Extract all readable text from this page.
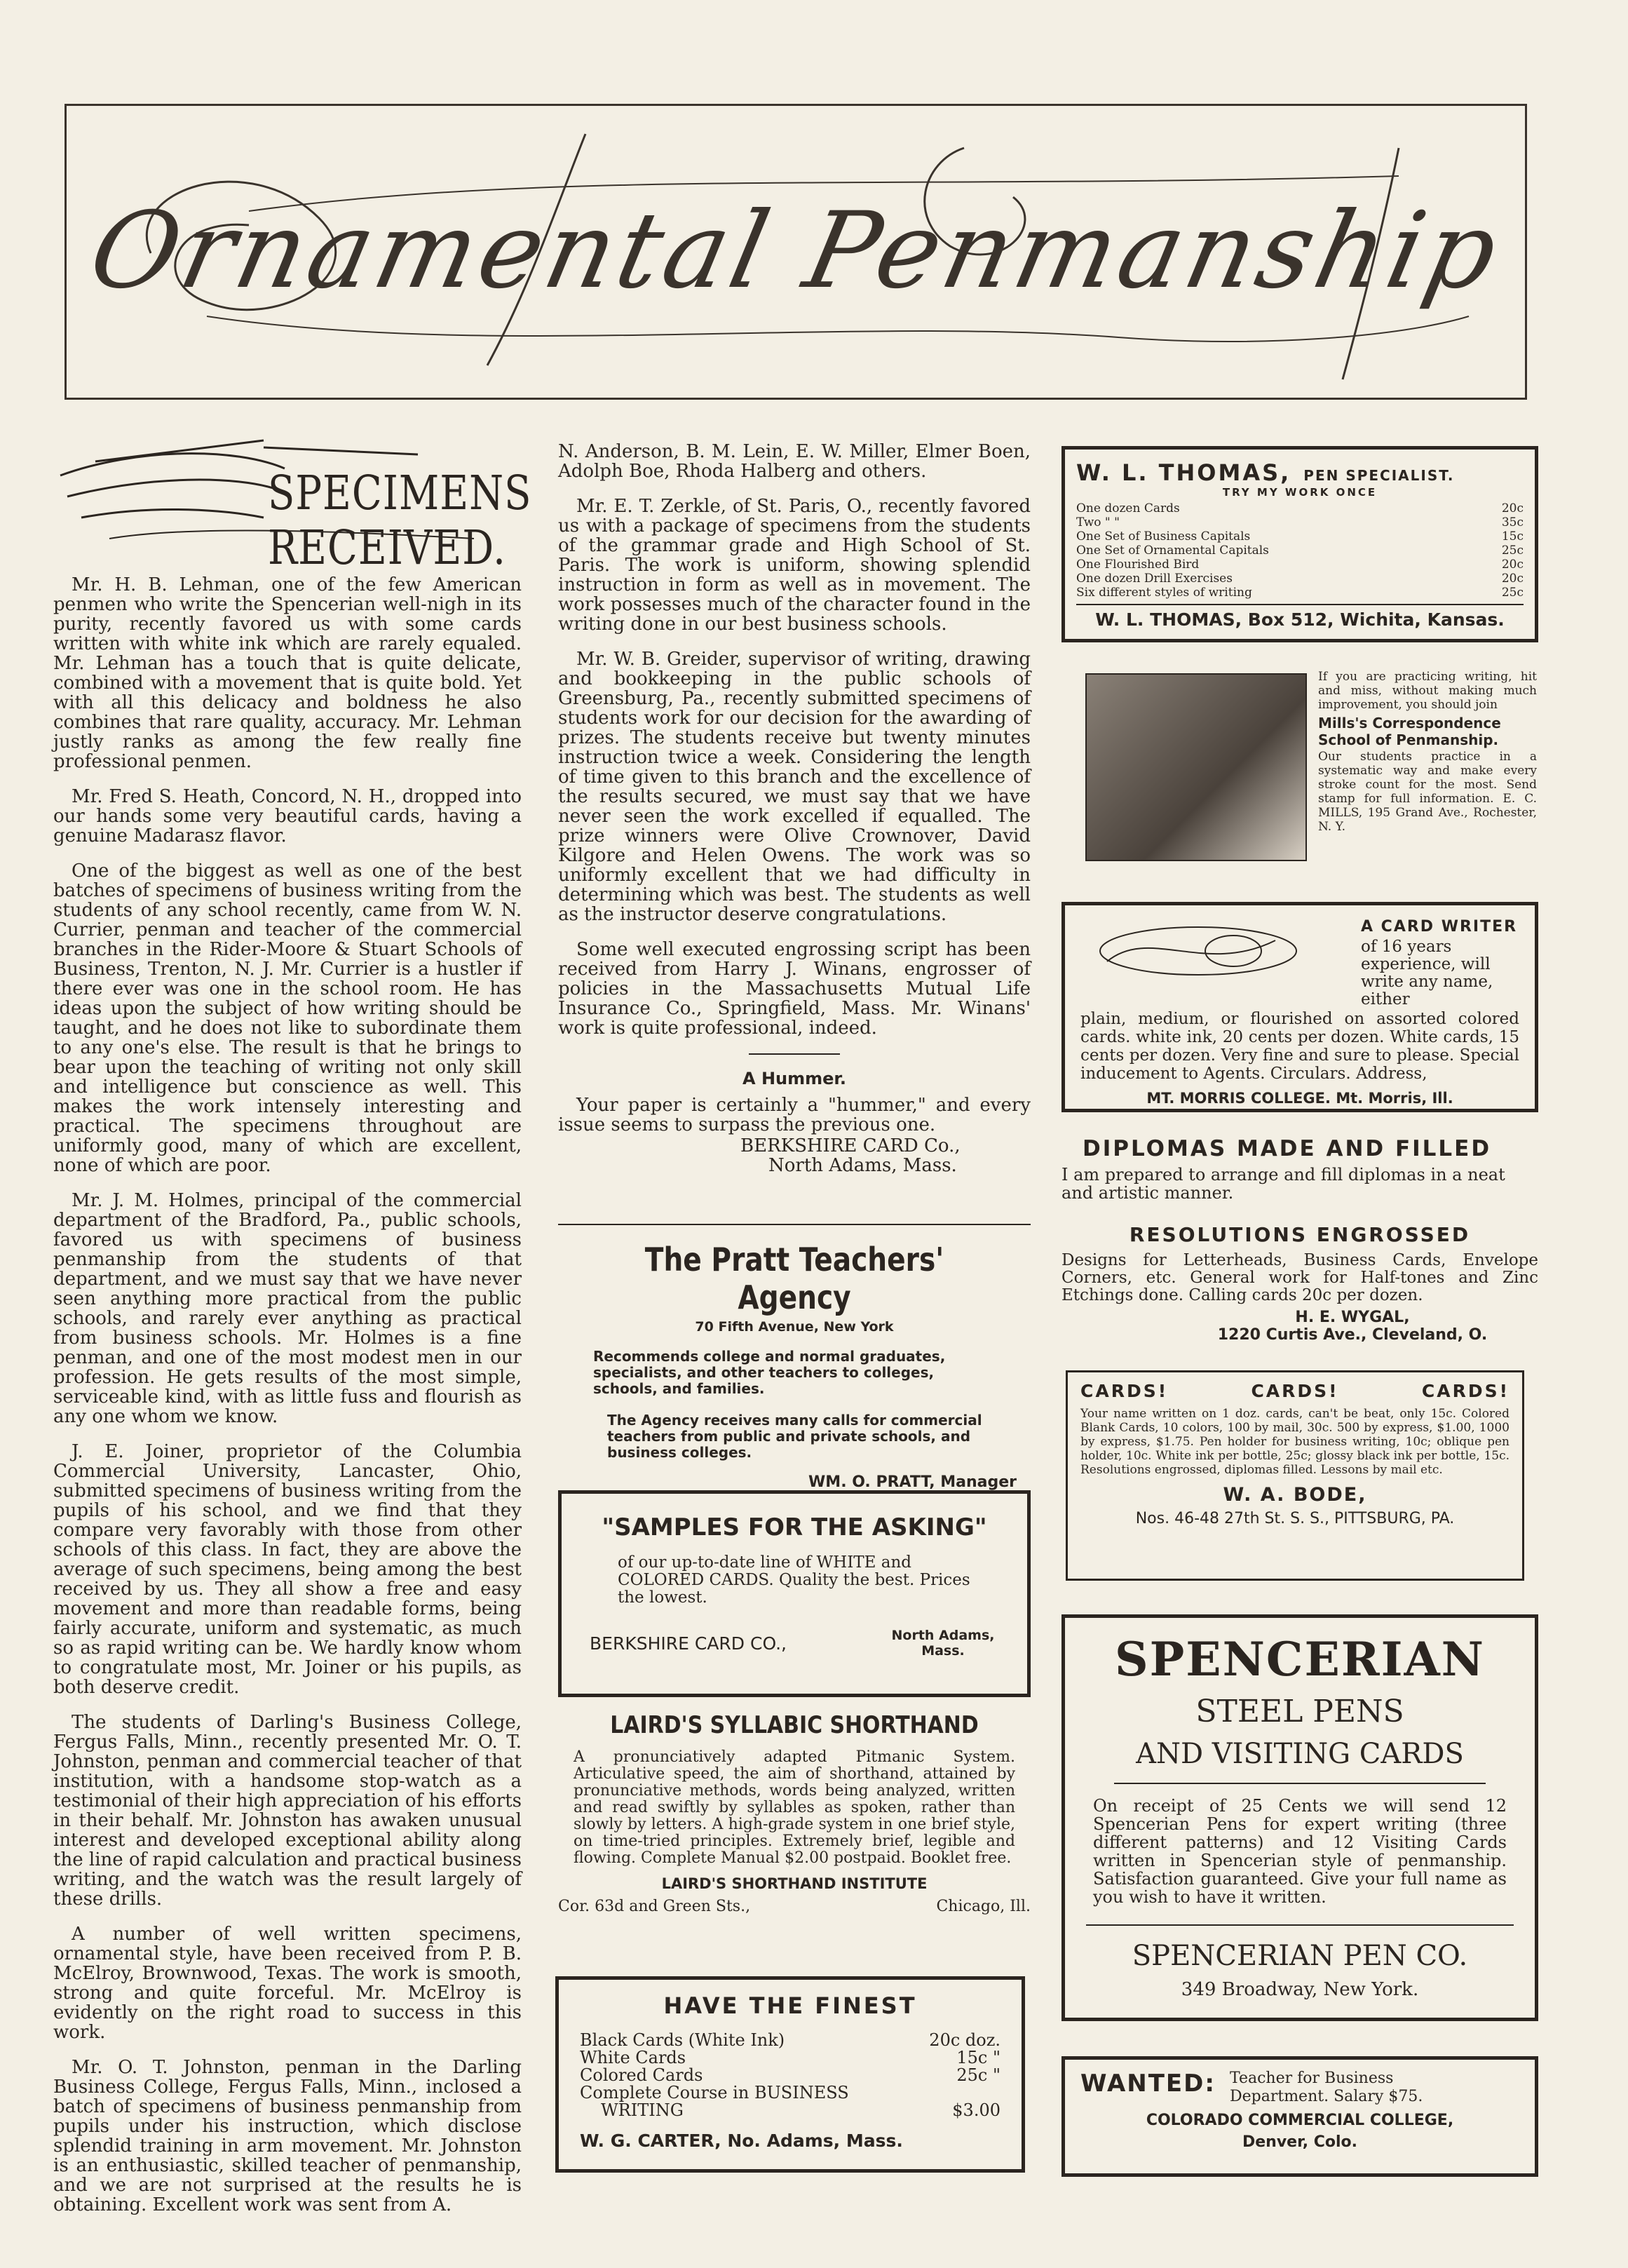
Ornamental Penmanship
SPECIMENS RECEIVED.

Mr. H. B. Lehman, one of the few American penmen who write the Spencerian well-nigh in its purity, recently favored us with some cards written with white ink which are rarely equaled. Mr. Lehman has a touch that is quite delicate, combined with a movement that is quite bold. Yet with all this delicacy and boldness he also combines that rare quality, accuracy. Mr. Lehman justly ranks as among the few really fine professional penmen.

Mr. Fred S. Heath, Concord, N. H., dropped into our hands some very beautiful cards, having a genuine Madarasz flavor.

One of the biggest as well as one of the best batches of specimens of business writing from the students of any school recently, came from W. N. Currier, penman and teacher of the commercial branches in the Rider-Moore & Stuart Schools of Business, Trenton, N. J. Mr. Currier is a hustler if there ever was one in the school room. He has ideas upon the subject of how writing should be taught, and he does not like to subordinate them to any one's else. The result is that he brings to bear upon the teaching of writing not only skill and intelligence but conscience as well. This makes the work intensely interesting and practical. The specimens throughout are uniformly good, many of which are excellent, none of which are poor.

Mr. J. M. Holmes, principal of the commercial department of the Bradford, Pa., public schools, favored us with specimens of business penmanship from the students of that department, and we must say that we have never seen anything more practical from the public schools, and rarely ever anything as practical from business schools. Mr. Holmes is a fine penman, and one of the most modest men in our profession. He gets results of the most simple, serviceable kind, with as little fuss and flourish as any one whom we know.

J. E. Joiner, proprietor of the Columbia Commercial University, Lancaster, Ohio, submitted specimens of business writing from the pupils of his school, and we find that they compare very favorably with those from other schools of this class. In fact, they are above the average of such specimens, being among the best received by us. They all show a free and easy movement and more than readable forms, being fairly accurate, uniform and systematic, as much so as rapid writing can be. We hardly know whom to congratulate most, Mr. Joiner or his pupils, as both deserve credit.

The students of Darling's Business College, Fergus Falls, Minn., recently presented Mr. O. T. Johnston, penman and commercial teacher of that institution, with a handsome stop-watch as a testimonial of their high appreciation of his efforts in their behalf. Mr. Johnston has awaken unusual interest and developed exceptional ability along the line of rapid calculation and practical business writing, and the watch was the result largely of these drills.

A number of well written specimens, ornamental style, have been received from P. B. McElroy, Brownwood, Texas. The work is smooth, strong and quite forceful. Mr. McElroy is evidently on the right road to success in this work.

Mr. O. T. Johnston, penman in the Darling Business College, Fergus Falls, Minn., inclosed a batch of specimens of business penmanship from pupils under his instruction, which disclose splendid training in arm movement. Mr. Johnston is an enthusiastic, skilled teacher of penmanship, and we are not surprised at the results he is obtaining. Excellent work was sent from A.

N. Anderson, B. M. Lein, E. W. Miller, Elmer Boen, Adolph Boe, Rhoda Halberg and others.

Mr. E. T. Zerkle, of St. Paris, O., recently favored us with a package of specimens from the students of the grammar grade and High School of St. Paris. The work is uniform, showing splendid instruction in form as well as in movement. The work possesses much of the character found in the writing done in our best business schools.

Mr. W. B. Greider, supervisor of writing, drawing and bookkeeping in the public schools of Greensburg, Pa., recently submitted specimens of students work for our decision for the awarding of prizes. The students receive but twenty minutes instruction twice a week. Considering the length of time given to this branch and the excellence of the results secured, we must say that we have never seen the work excelled if equalled. The prize winners were Olive Crownover, David Kilgore and Helen Owens. The work was so uniformly excellent that we had difficulty in determining which was best. The students as well as the instructor deserve congratulations.

Some well executed engrossing script has been received from Harry J. Winans, engrosser of policies in the Massachusetts Mutual Life Insurance Co., Springfield, Mass. Mr. Winans' work is quite professional, indeed.

A Hummer.

Your paper is certainly a "hummer," and every issue seems to surpass the previous one.

BERKSHIRE CARD Co.,
North Adams, Mass.
The Pratt Teachers' Agency
70 Fifth Avenue, New York
Recommends college and normal graduates, specialists, and other teachers to colleges, schools, and families.
The Agency receives many calls for commercial teachers from public and private schools, and business colleges.
WM. O. PRATT, Manager
"SAMPLES FOR THE ASKING"
of our up-to-date line of WHITE and COLORED CARDS. Quality the best. Prices the lowest.
BERKSHIRE CARD CO.,	North Adams, Mass.
LAIRD'S SYLLABIC SHORTHAND
A pronunciatively adapted Pitmanic System. Articulative speed, the aim of shorthand, attained by pronunciative methods, words being analyzed, written and read swiftly by syllables as spoken, rather than slowly by letters. A high-grade system in one brief style, on time-tried principles. Extremely brief, legible and flowing. Complete Manual $2.00 postpaid. Booklet free.
LAIRD'S SHORTHAND INSTITUTE
Cor. 63d and Green Sts.,	Chicago, Ill.
HAVE THE FINEST
Black Cards (White Ink)	20c doz.
White Cards	15c "
Colored Cards	25c "
Complete Course in BUSINESS
WRITING	$3.00
W. G. CARTER, No. Adams, Mass.
W. L. THOMAS, PEN SPECIALIST.
TRY MY WORK ONCE
One dozen Cards	20c
Two " "	35c
One Set of Business Capitals	15c
One Set of Ornamental Capitals	25c
One Flourished Bird	20c
One dozen Drill Exercises	20c
Six different styles of writing	25c
W. L. THOMAS, Box 512, Wichita, Kansas.
If you are practicing writing, hit and miss, without making much improvement, you should join
Mills's Correspondence School of Penmanship.
Our students practice in a systematic way and make every stroke count for the most. Send stamp for full information. E. C. MILLS, 195 Grand Ave., Rochester, N. Y.
A CARD WRITER
of 16 years experience, will write any name, either
plain, medium, or flourished on assorted colored cards. white ink, 20 cents per dozen. White cards, 15 cents per dozen. Very fine and sure to please. Special inducement to Agents. Circulars. Address,
MT. MORRIS COLLEGE. Mt. Morris, Ill.
DIPLOMAS MADE AND FILLED
I am prepared to arrange and fill diplomas in a neat and artistic manner.
RESOLUTIONS ENGROSSED
Designs for Letterheads, Business Cards, Envelope Corners, etc. General work for Half-tones and Zinc Etchings done. Calling cards 20c per dozen.
H. E. WYGAL,
1220 Curtis Ave., Cleveland, O.
CARDS!	CARDS!	CARDS!
Your name written on 1 doz. cards, can't be beat, only 15c. Colored Blank Cards, 10 colors, 100 by mail, 30c. 500 by express, $1.00, 1000 by express, $1.75. Pen holder for business writing, 10c; oblique pen holder, 10c. White ink per bottle, 25c; glossy black ink per bottle, 15c. Resolutions engrossed, diplomas filled. Lessons by mail etc.
W. A. BODE,
Nos. 46-48 27th St. S. S., PITTSBURG, PA.
SPENCERIAN
STEEL PENS
AND VISITING CARDS
On receipt of 25 Cents we will send 12 Spencerian Pens for expert writing (three different patterns) and 12 Visiting Cards written in Spencerian style of penmanship. Satisfaction guaranteed. Give your full name as you wish to have it written.
SPENCERIAN PEN CO.
349 Broadway, New York.
WANTED: Teacher for Business Department. Salary $75.
COLORADO COMMERCIAL COLLEGE,
Denver, Colo.
